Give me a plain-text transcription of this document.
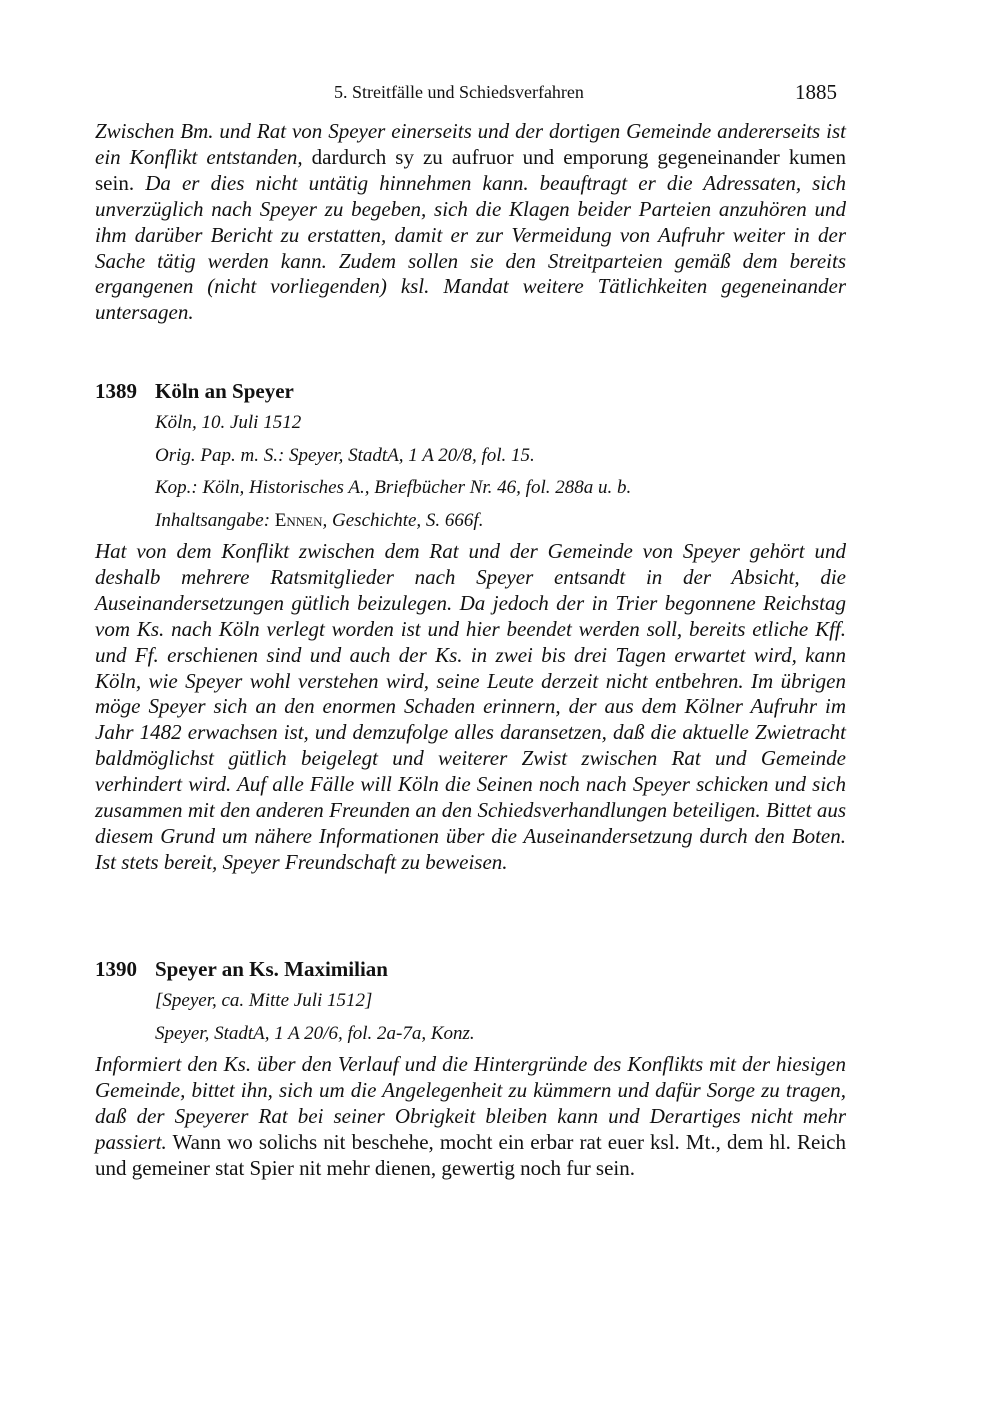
5. Streitfälle und Schiedsverfahren	1885

Zwischen Bm. und Rat von Speyer einerseits und der dortigen Gemeinde andererseits ist ein Konflikt entstanden, dardurch sy zu aufruor und emporung gegeneinander kumen sein. Da er dies nicht untätig hinnehmen kann. beauftragt er die Adressaten, sich unverzüglich nach Speyer zu begeben, sich die Klagen beider Parteien anzuhören und ihm darüber Bericht zu erstatten, damit er zur Vermeidung von Aufruhr weiter in der Sache tätig werden kann. Zudem sollen sie den Streitparteien gemäß dem bereits ergangenen (nicht vorliegenden) ksl. Mandat weitere Tätlichkeiten gegeneinander untersagen.

1389 Köln an Speyer

Köln, 10. Juli 1512

Orig. Pap. m. S.: Speyer, StadtA, 1 A 20/8, fol. 15.

Kop.: Köln, Historisches A., Briefbücher Nr. 46, fol. 288a u. b.

Inhaltsangabe: Ennen, Geschichte, S. 666f.

Hat von dem Konflikt zwischen dem Rat und der Gemeinde von Speyer gehört und deshalb mehrere Ratsmitglieder nach Speyer entsandt in der Absicht, die Auseinandersetzungen gütlich beizulegen. Da jedoch der in Trier begonnene Reichstag vom Ks. nach Köln verlegt worden ist und hier beendet werden soll, bereits etliche Kff. und Ff. erschienen sind und auch der Ks. in zwei bis drei Tagen erwartet wird, kann Köln, wie Speyer wohl verstehen wird, seine Leute derzeit nicht entbehren. Im übrigen möge Speyer sich an den enormen Schaden erinnern, der aus dem Kölner Aufruhr im Jahr 1482 erwachsen ist, und demzufolge alles daransetzen, daß die aktuelle Zwietracht baldmöglichst gütlich beigelegt und weiterer Zwist zwischen Rat und Gemeinde verhindert wird. Auf alle Fälle will Köln die Seinen noch nach Speyer schicken und sich zusammen mit den anderen Freunden an den Schiedsverhandlungen beteiligen. Bittet aus diesem Grund um nähere Informationen über die Auseinandersetzung durch den Boten. Ist stets bereit, Speyer Freundschaft zu beweisen.

1390 Speyer an Ks. Maximilian

[Speyer, ca. Mitte Juli 1512]

Speyer, StadtA, 1 A 20/6, fol. 2a-7a, Konz.

Informiert den Ks. über den Verlauf und die Hintergründe des Konflikts mit der hiesigen Gemeinde, bittet ihn, sich um die Angelegenheit zu kümmern und dafür Sorge zu tragen, daß der Speyerer Rat bei seiner Obrigkeit bleiben kann und Derartiges nicht mehr passiert. Wann wo solichs nit beschehe, mocht ein erbar rat euer ksl. Mt., dem hl. Reich und gemeiner stat Spier nit mehr dienen, gewertig noch fur sein.
